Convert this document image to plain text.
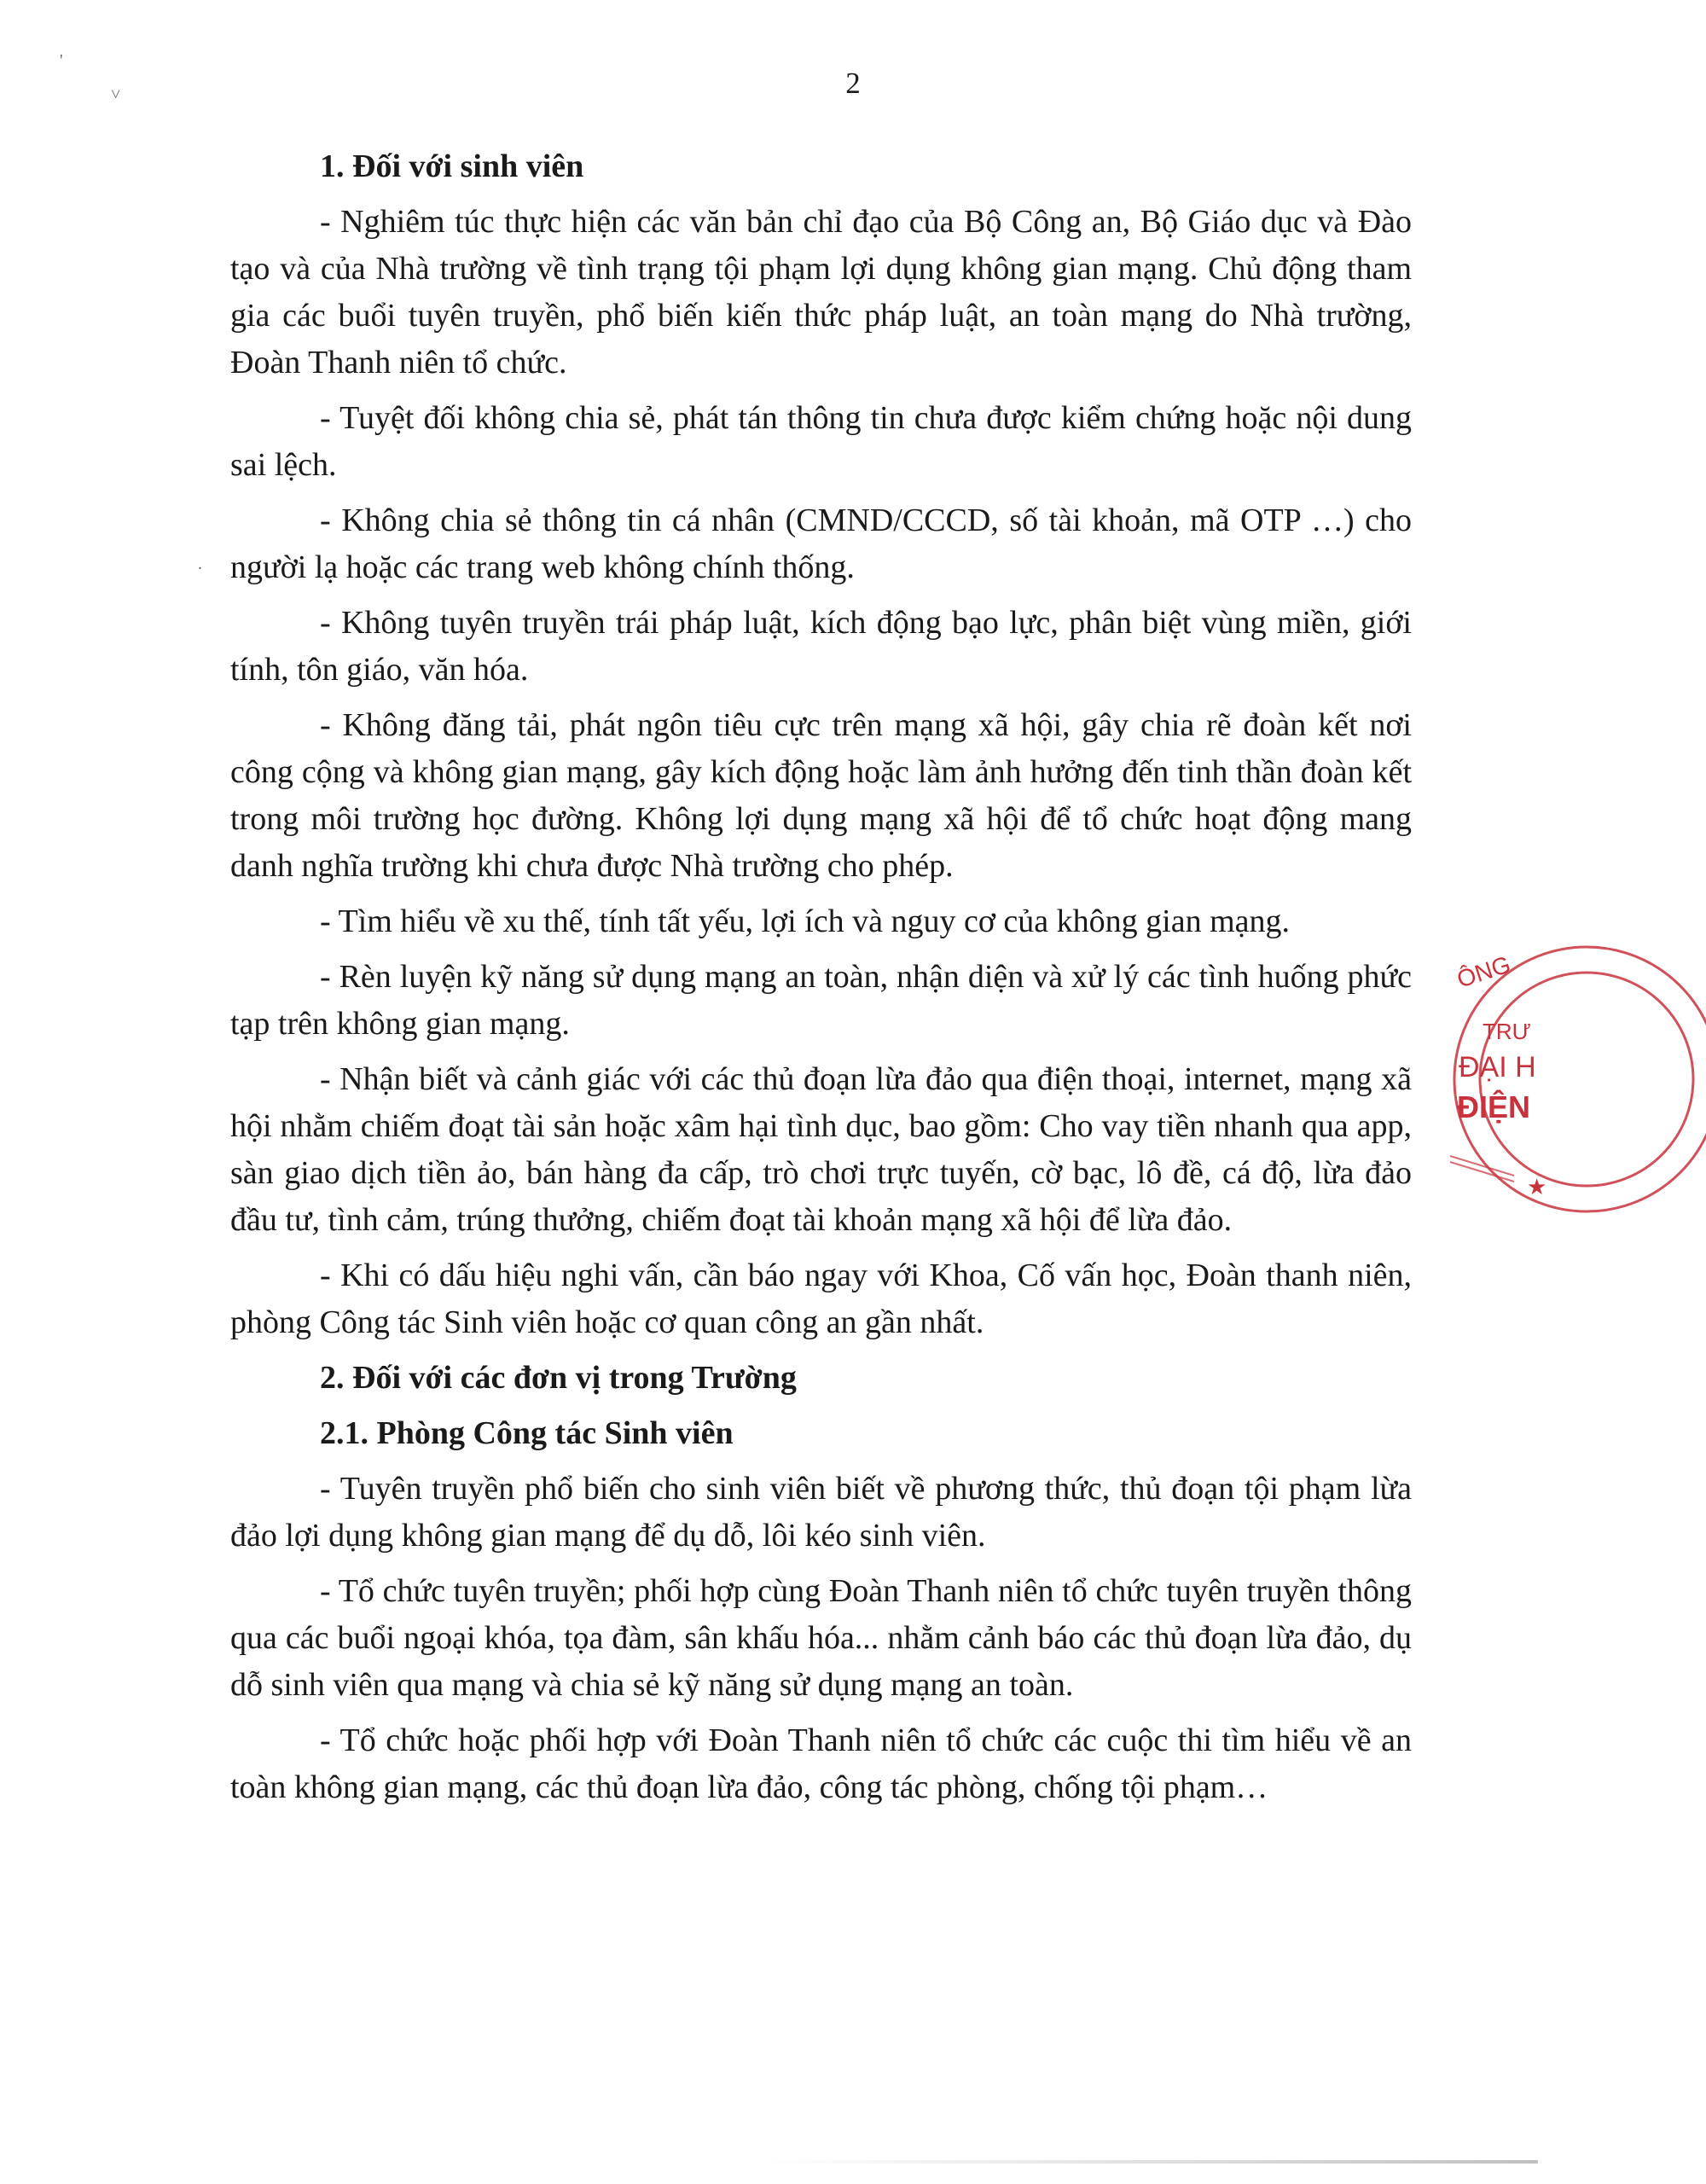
2
1. Đối với sinh viên

- Nghiêm túc thực hiện các văn bản chỉ đạo của Bộ Công an, Bộ Giáo dục và Đào tạo và của Nhà trường về tình trạng tội phạm lợi dụng không gian mạng. Chủ động tham gia các buổi tuyên truyền, phổ biến kiến thức pháp luật, an toàn mạng do Nhà trường, Đoàn Thanh niên tổ chức.

- Tuyệt đối không chia sẻ, phát tán thông tin chưa được kiểm chứng hoặc nội dung sai lệch.

- Không chia sẻ thông tin cá nhân (CMND/CCCD, số tài khoản, mã OTP …) cho người lạ hoặc các trang web không chính thống.

- Không tuyên truyền trái pháp luật, kích động bạo lực, phân biệt vùng miền, giới tính, tôn giáo, văn hóa.

- Không đăng tải, phát ngôn tiêu cực trên mạng xã hội, gây chia rẽ đoàn kết nơi công cộng và không gian mạng, gây kích động hoặc làm ảnh hưởng đến tinh thần đoàn kết trong môi trường học đường. Không lợi dụng mạng xã hội để tổ chức hoạt động mang danh nghĩa trường khi chưa được Nhà trường cho phép.

- Tìm hiểu về xu thế, tính tất yếu, lợi ích và nguy cơ của không gian mạng.

- Rèn luyện kỹ năng sử dụng mạng an toàn, nhận diện và xử lý các tình huống phức tạp trên không gian mạng.

- Nhận biết và cảnh giác với các thủ đoạn lừa đảo qua điện thoại, internet, mạng xã hội nhằm chiếm đoạt tài sản hoặc xâm hại tình dục, bao gồm: Cho vay tiền nhanh qua app, sàn giao dịch tiền ảo, bán hàng đa cấp, trò chơi trực tuyến, cờ bạc, lô đề, cá độ, lừa đảo đầu tư, tình cảm, trúng thưởng, chiếm đoạt tài khoản mạng xã hội để lừa đảo.

- Khi có dấu hiệu nghi vấn, cần báo ngay với Khoa, Cố vấn học, Đoàn thanh niên, phòng Công tác Sinh viên hoặc cơ quan công an gần nhất.

2. Đối với các đơn vị trong Trường
2.1. Phòng Công tác Sinh viên

- Tuyên truyền phổ biến cho sinh viên biết về phương thức, thủ đoạn tội phạm lừa đảo lợi dụng không gian mạng để dụ dỗ, lôi kéo sinh viên.

- Tổ chức tuyên truyền; phối hợp cùng Đoàn Thanh niên tổ chức tuyên truyền thông qua các buổi ngoại khóa, tọa đàm, sân khấu hóa... nhằm cảnh báo các thủ đoạn lừa đảo, dụ dỗ sinh viên qua mạng và chia sẻ kỹ năng sử dụng mạng an toàn.

- Tổ chức hoặc phối hợp với Đoàn Thanh niên tổ chức các cuộc thi tìm hiểu về an toàn không gian mạng, các thủ đoạn lừa đảo, công tác phòng, chống tội phạm…

ÔNG
TRƯ
ĐẠI H
ĐIỆN
★
'
˅
.
